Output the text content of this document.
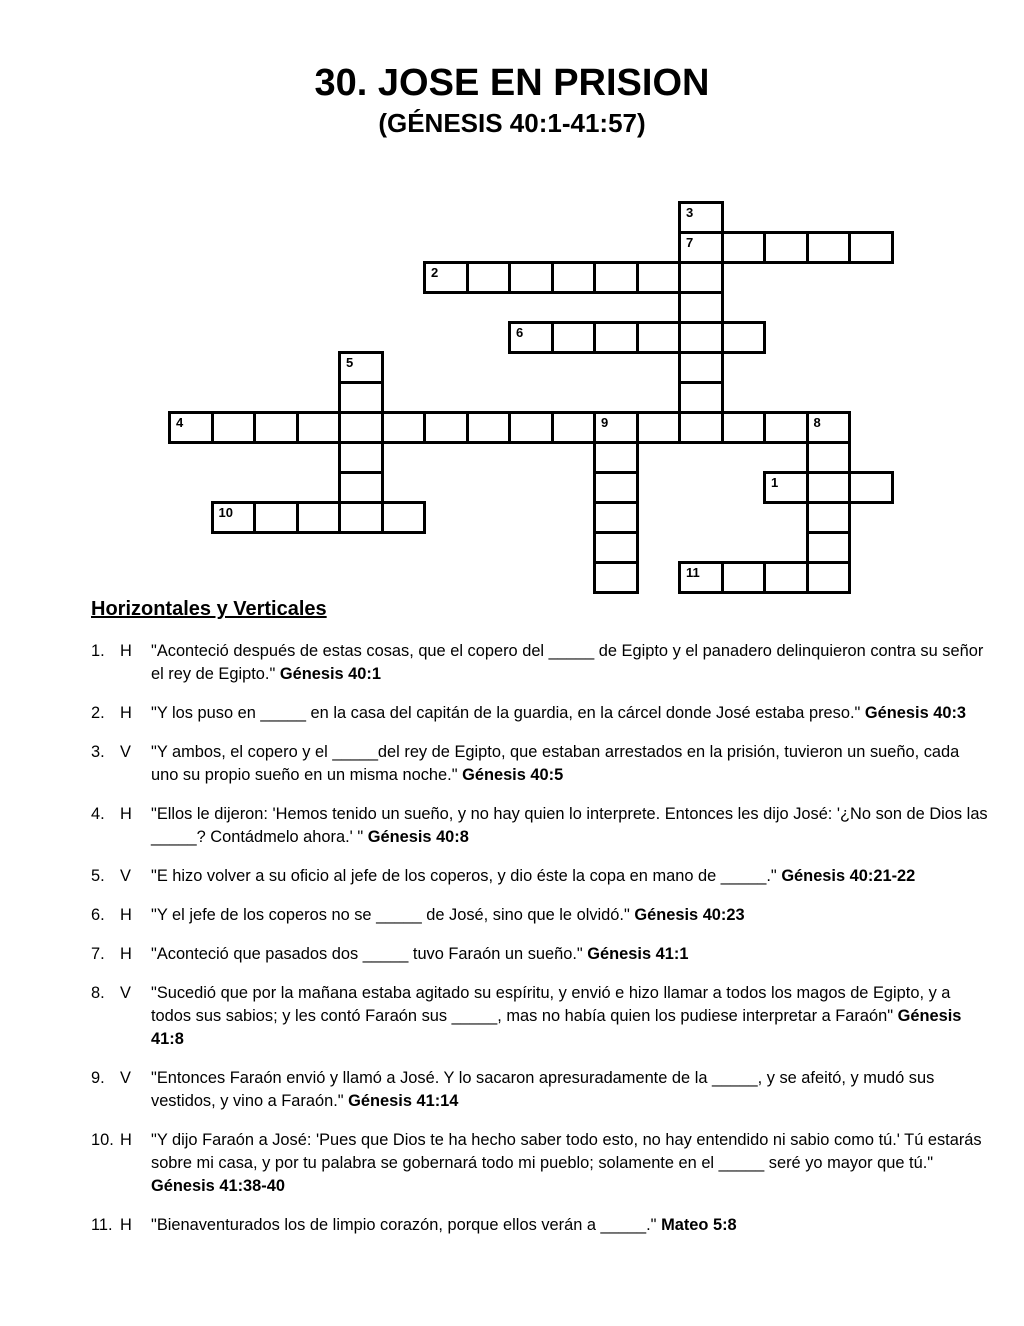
30. JOSE EN PRISION
(GÉNESIS 40:1-41:57)
7
3
2
6
5
4	9	8
1
10
11
Horizontales y Verticales
1. H	"Aconteció después de estas cosas, que el copero del _____ de Egipto y el panadero delinquieron contra su señor el rey de Egipto." Génesis 40:1
2. H	"Y los puso en _____ en la casa del capitán de la guardia, en la cárcel donde José estaba preso." Génesis 40:3
3. V	"Y ambos, el copero y el _____del rey de Egipto, que estaban arrestados en la prisión, tuvieron un sueño, cada uno su propio sueño en un misma noche." Génesis 40:5
4. H	"Ellos le dijeron: 'Hemos tenido un sueño, y no hay quien lo interprete. Entonces les dijo José: '¿No son de Dios las _____? Contádmelo ahora.' " Génesis 40:8
5. V	"E hizo volver a su oficio al jefe de los coperos, y dio éste la copa en mano de _____." Génesis 40:21-22
6. H	"Y el jefe de los coperos no se _____ de José, sino que le olvidó." Génesis 40:23
7. H	"Aconteció que pasados dos _____ tuvo Faraón un sueño." Génesis 41:1
8. V	"Sucedió que por la mañana estaba agitado su espíritu, y envió e hizo llamar a todos los magos de Egipto, y a todos sus sabios; y les contó Faraón sus _____, mas no había quien los pudiese interpretar a Faraón" Génesis 41:8
9. V	"Entonces Faraón envió y llamó a José. Y lo sacaron apresuradamente de la _____, y se afeitó, y mudó sus vestidos, y vino a Faraón." Génesis 41:14
10. H	"Y dijo Faraón a José: 'Pues que Dios te ha hecho saber todo esto, no hay entendido ni sabio como tú.' Tú estarás sobre mi casa, y por tu palabra se gobernará todo mi pueblo; solamente en el _____ seré yo mayor que tú." Génesis 41:38-40
11. H	"Bienaventurados los de limpio corazón, porque ellos verán a _____." Mateo 5:8
